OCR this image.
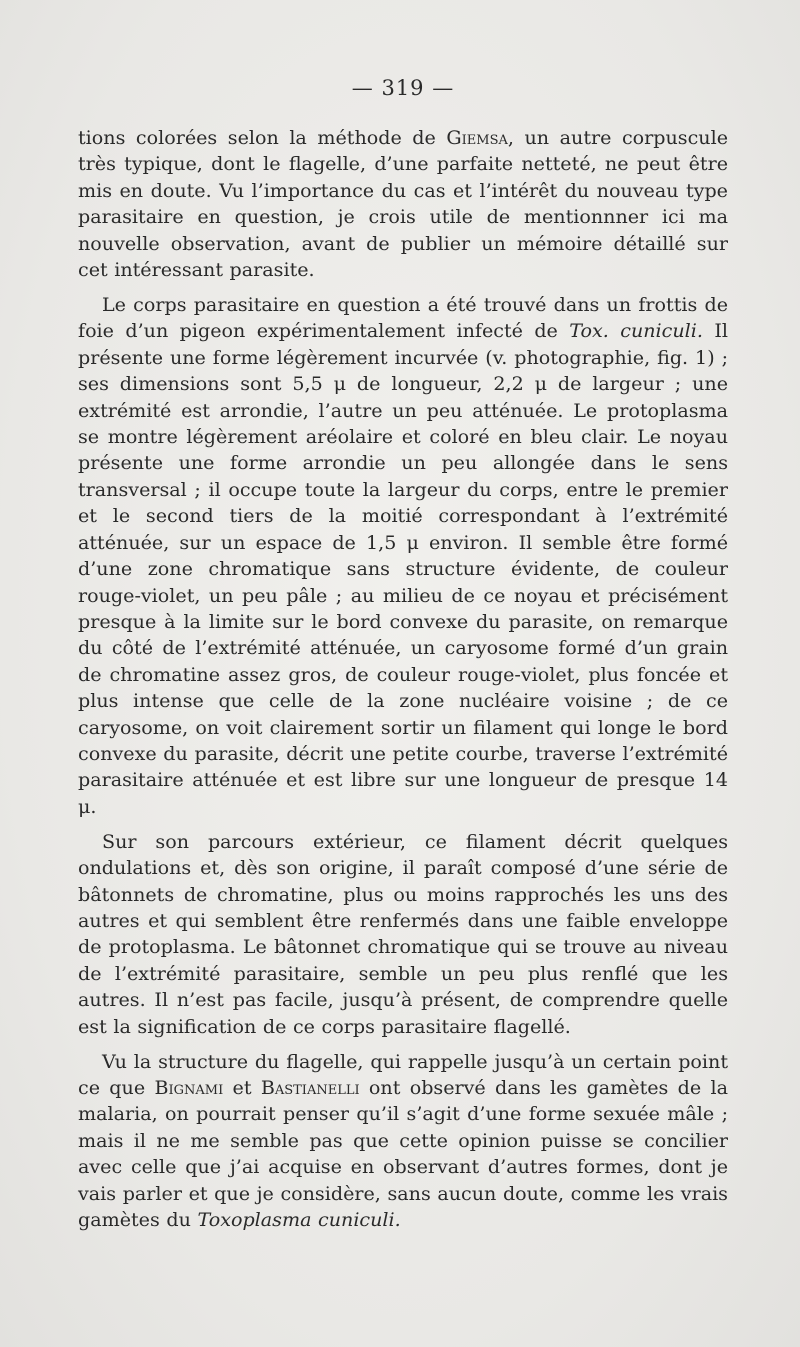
— 319 —

tions colorées selon la méthode de Giemsa, un autre corpuscule très typique, dont le flagelle, d’une parfaite netteté, ne peut être mis en doute. Vu l’importance du cas et l’intérêt du nouveau type parasitaire en question, je crois utile de mentionnner ici ma nouvelle observation, avant de publier un mémoire détaillé sur cet intéressant parasite.

Le corps parasitaire en question a été trouvé dans un frottis de foie d’un pigeon expérimentalement infecté de Tox. cuniculi. Il présente une forme légèrement incurvée (v. photographie, fig. 1) ; ses dimensions sont 5,5 μ de longueur, 2,2 μ de largeur ; une extrémité est arrondie, l’autre un peu atténuée. Le protoplasma se montre légèrement aréolaire et coloré en bleu clair. Le noyau présente une forme arrondie un peu allongée dans le sens transversal ; il occupe toute la largeur du corps, entre le premier et le second tiers de la moitié correspondant à l’extrémité atténuée, sur un espace de 1,5 μ environ. Il semble être formé d’une zone chromatique sans structure évidente, de couleur rouge-violet, un peu pâle ; au milieu de ce noyau et précisément presque à la limite sur le bord convexe du parasite, on remarque du côté de l’extrémité atténuée, un caryosome formé d’un grain de chromatine assez gros, de couleur rouge-violet, plus foncée et plus intense que celle de la zone nucléaire voisine ; de ce caryosome, on voit clairement sortir un filament qui longe le bord convexe du parasite, décrit une petite courbe, traverse l’extrémité parasitaire atténuée et est libre sur une longueur de presque 14 μ.

Sur son parcours extérieur, ce filament décrit quelques ondulations et, dès son origine, il paraît composé d’une série de bâtonnets de chromatine, plus ou moins rapprochés les uns des autres et qui semblent être renfermés dans une faible enveloppe de protoplasma. Le bâtonnet chromatique qui se trouve au niveau de l’extrémité parasitaire, semble un peu plus renflé que les autres. Il n’est pas facile, jusqu’à présent, de comprendre quelle est la signification de ce corps parasitaire flagellé.

Vu la structure du flagelle, qui rappelle jusqu’à un certain point ce que Bignami et Bastianelli ont observé dans les gamètes de la malaria, on pourrait penser qu’il s’agit d’une forme sexuée mâle ; mais il ne me semble pas que cette opinion puisse se concilier avec celle que j’ai acquise en observant d’autres formes, dont je vais parler et que je considère, sans aucun doute, comme les vrais gamètes du Toxoplasma cuniculi.
